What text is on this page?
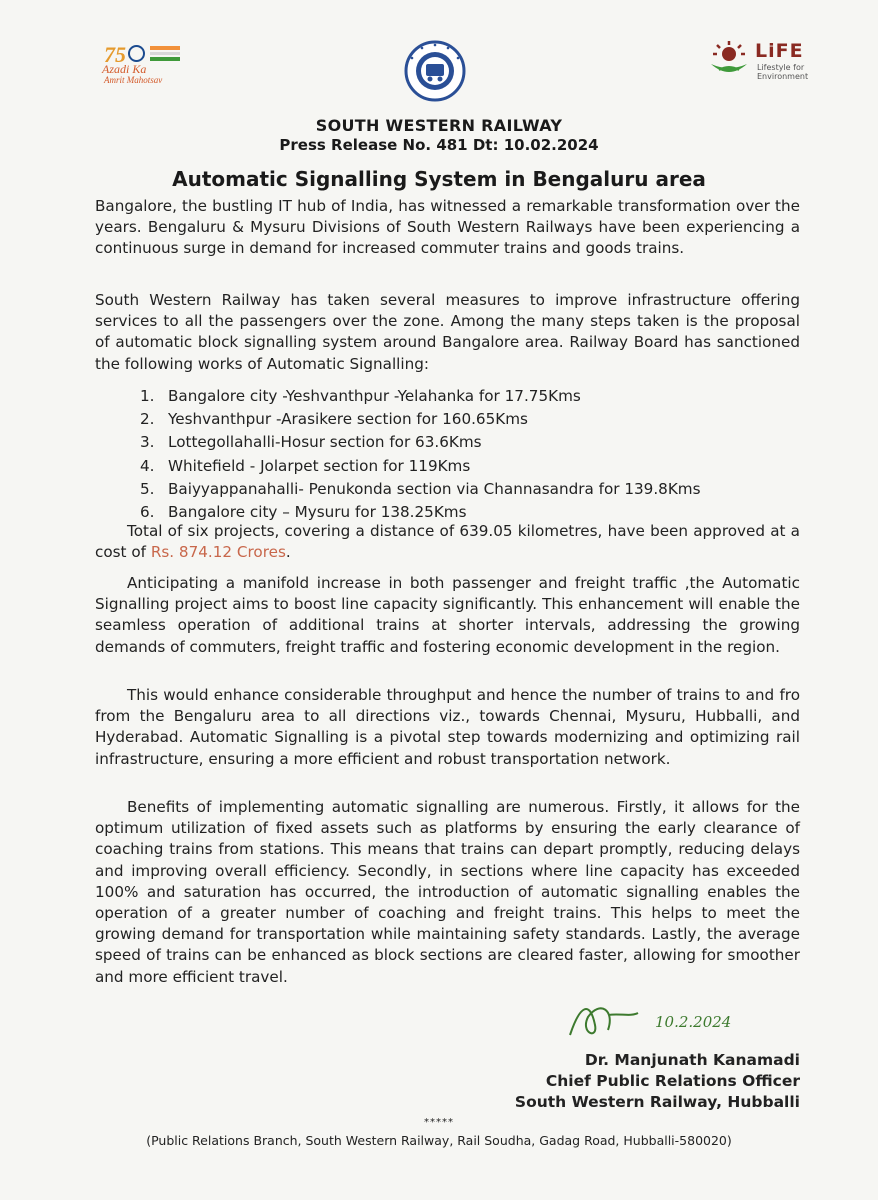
75
Azadi Ka
Amrit Mahotsav
LiFE
Lifestyle for
Environment
SOUTH WESTERN RAILWAY
Press Release No. 481 Dt: 10.02.2024
Automatic Signalling System in Bengaluru area
Bangalore, the bustling IT hub of India, has witnessed a remarkable transformation over the years. Bengaluru & Mysuru Divisions of South Western Railways have been experiencing a continuous surge in demand for increased commuter trains and goods trains.
South Western Railway has taken several measures to improve infrastructure offering services to all the passengers over the zone. Among the many steps taken is the proposal of automatic block signalling system around Bangalore area. Railway Board has sanctioned the following works of Automatic Signalling:
1. Bangalore city -Yeshvanthpur -Yelahanka for 17.75Kms
2. Yeshvanthpur -Arasikere section for 160.65Kms
3. Lottegollahalli-Hosur section for 63.6Kms
4. Whitefield - Jolarpet section for 119Kms
5. Baiyyappanahalli- Penukonda section via Channasandra for 139.8Kms
6. Bangalore city – Mysuru for 138.25Kms
Total of six projects, covering a distance of 639.05 kilometres, have been approved at a cost of Rs. 874.12 Crores.
Anticipating a manifold increase in both passenger and freight traffic ,the Automatic Signalling project aims to boost line capacity significantly. This enhancement will enable the seamless operation of additional trains at shorter intervals, addressing the growing demands of commuters, freight traffic and fostering economic development in the region.
This would enhance considerable throughput and hence the number of trains to and fro from the Bengaluru area to all directions viz., towards Chennai, Mysuru, Hubballi, and Hyderabad. Automatic Signalling is a pivotal step towards modernizing and optimizing rail infrastructure, ensuring a more efficient and robust transportation network.
Benefits of implementing automatic signalling are numerous. Firstly, it allows for the optimum utilization of fixed assets such as platforms by ensuring the early clearance of coaching trains from stations. This means that trains can depart promptly, reducing delays and improving overall efficiency. Secondly, in sections where line capacity has exceeded 100% and saturation has occurred, the introduction of automatic signalling enables the operation of a greater number of coaching and freight trains. This helps to meet the growing demand for transportation while maintaining safety standards. Lastly, the average speed of trains can be enhanced as block sections are cleared faster, allowing for smoother and more efficient travel.
10.2.2024
Dr. Manjunath Kanamadi
Chief Public Relations Officer
South Western Railway, Hubballi
*****
(Public Relations Branch, South Western Railway, Rail Soudha, Gadag Road, Hubballi-580020)
